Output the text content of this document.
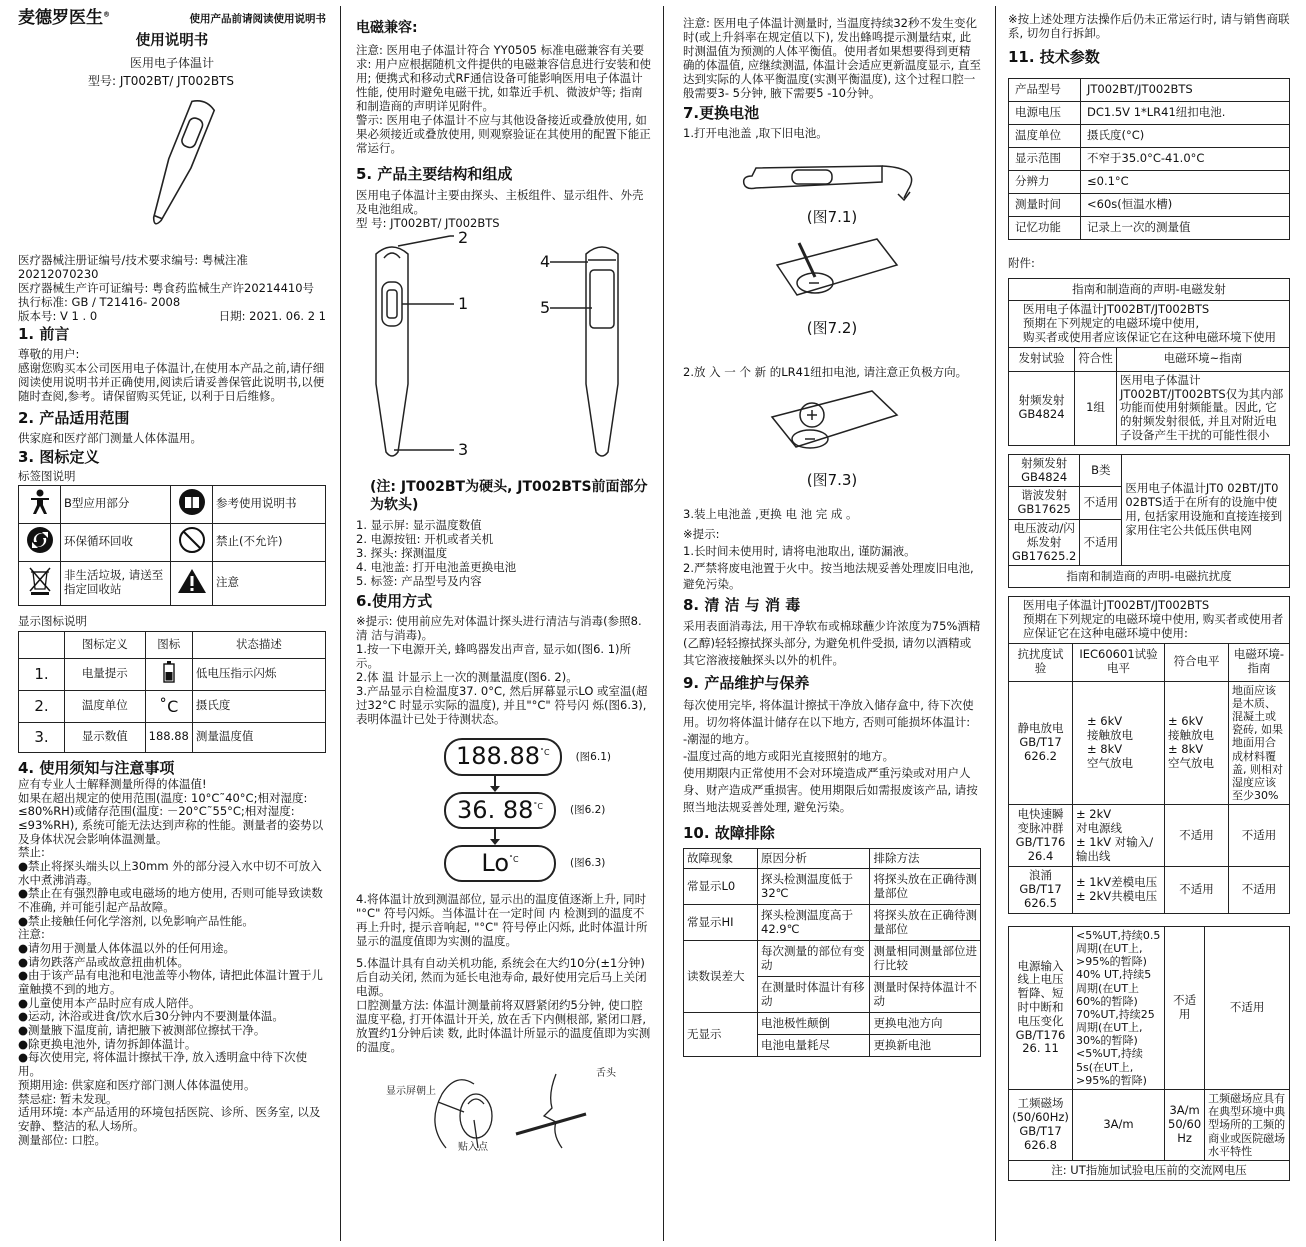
麦德罗医生®	使用产品前请阅读使用说明书
使用说明书
医用电子体温计
型号: JT002BT/ JT002BTS
医疗器械注册证编号/技术要求编号: 粤械注准20212070230
医疗器械生产许可证编号: 粤食药监械生产许20214410号
执行标准: GB / T21416- 2008
版本号: V 1 . 0	日期: 2021. 06. 2 1
1. 前言
尊敬的用户:
感谢您购买本公司医用电子体温计,在使用本产品之前,请仔细阅读使用说明书并正确使用,阅读后请妥善保管此说明书,以便随时查阅,参考。请保留购买凭证, 以利于日后维修。
2. 产品适用范围
供家庭和医疗部门测量人体体温用。
3. 图标定义
标签图说明
	B型应用部分		参考使用说明书
	环保循环回收		禁止(不允许)
	非生活垃圾, 请送至指定回收站		注意
显示图标说明
	图标定义	图标	状态描述
1.	电量提示		低电压指示闪烁
2.	温度单位	˚C	摄氏度
3.	显示数值	188.88	测量温度值
4. 使用须知与注意事项
应有专业人士解释测量所得的体温值!
如果在超出规定的使用范围(温度: 10°C˜40°C;相对湿度: ≤80%RH)或储存范围(温度: －20°C˜55°C;相对湿度: ≤93%RH), 系统可能无法达到声称的性能。测量者的姿势以及身体状况会影响体温测量。
禁止:
●禁止将探头端头以上30mm 外的部分浸入水中切不可放入水中煮沸消毒。
●禁止在有强烈静电或电磁场的地方使用, 否则可能导致读数不准确, 并可能引起产品故障。
●禁止接触任何化学溶剂, 以免影响产品性能。
注意:
●请勿用于测量人体体温以外的任何用途。
●请勿跌落产品或故意扭曲机体。
●由于该产品有电池和电池盖等小物体, 请把此体温计置于儿童触摸不到的地方。
●儿童使用本产品时应有成人陪伴。
●运动, 沐浴或进食/饮水后30分钟内不要测量体温。
●测量腋下温度前, 请把腋下被测部位擦拭干净。
●除更换电池外, 请勿拆卸体温计。
●每次使用完, 将体温计擦拭干净, 放入透明盒中待下次使用。
预期用途: 供家庭和医疗部门测人体体温使用。
禁忌症: 暂未发现。
适用环境: 本产品适用的环境包括医院、诊所、医务室, 以及安静、整洁的私人场所。
测量部位: 口腔。
电磁兼容:
注意: 医用电子体温计符合 YY0505 标准电磁兼容有关要求: 用户应根据随机文件提供的电磁兼容信息进行安装和使用; 便携式和移动式RF通信设备可能影响医用电子体温计性能, 使用时避免电磁干扰, 如靠近手机、微波炉等; 指南和制造商的声明详见附件。
警示: 医用电子体温计不应与其他设备接近或叠放使用, 如果必须接近或叠放使用, 则观察验证在其使用的配置下能正常运行。
5. 产品主要结构和组成
医用电子体温计主要由探头、主板组件、显示组件、外壳及电池组成。
型 号: JT002BT/ JT002BTS
2
1
3
4
5
(注: JT002BT为硬头, JT002BTS前面部分为软头)
1. 显示屏: 显示温度数值
2. 电源按钮: 开机或者关机
3. 探头: 探测温度
4. 电池盖: 打开电池盖更换电池
5. 标签: 产品型号及内容
6.使用方式
※提示: 使用前应先对体温计探头进行清洁与消毒(参照8.清 洁与消毒)。
1.按一下电源开关, 蜂鸣器发出声音, 显示如(图6. 1)所示。
2.体 温 计显示上一次的测量温度(图6. 2)。
3.产品显示自检温度37. 0°C, 然后屏幕显示LO 或室温(超过32°C 时显示实际的温度), 并且"°C" 符号闪 烁(图6.3), 表明体温计已处于待测状态。
$188.88^{˚C}$	(图6.1)
36. $88^{˚C}$	(图6.2)
$Lo^{˚C}$	(图6.3)
4.将体温计放到测温部位, 显示出的温度值逐渐上升, 同时 "°C" 符号闪烁。当体温计在一定时间 内 检测到的温度不再上升时, 提示音响起, "°C" 符号停止闪烁, 此时体温计所显示的温度值即为实测的温度。
5.体温计具有自动关机功能, 系统会在大约10分(±1分钟)后自动关闭, 然而为延长电池寿命, 最好使用完后马上关闭电源。
口腔测量方法: 体温计测量前将双唇紧闭约5分钟, 使口腔温度平稳, 打开体温计开关, 放在舌下内侧根部, 紧闭口唇, 放置约1分钟后读 数, 此时体温计所显示的温度值即为实测的温度。
显示屏朝上
舌头
贴入点
注意: 医用电子体温计测量时, 当温度持续32秒不发生变化时(或上升斜率在规定值以下), 发出蜂鸣提示测量结束, 此时测温值为预测的人体平衡值。使用者如果想要得到更精确的体温值, 应继续测温, 体温计会适应更新温度显示, 直至达到实际的人体平衡温度(实测平衡温度), 这个过程口腔一般需要3- 5分钟, 腋下需要5 -10分钟。
7.更换电池
1.打开电池盖 ,取下旧电池。
(图7.1)
(图7.2)
2.放 入 一 个 新 的LR41纽扣电池, 请注意正负极方向。
(图7.3)
3.装上电池盖 ,更换 电 池 完 成 。
※提示:
1.长时间未使用时, 请将电池取出, 谨防漏液。
2.严禁将废电池置于火中。按当地法规妥善处理废旧电池, 避免污染。
8. 清 洁 与 消 毒
采用表面消毒法, 用干净软布或棉球蘸少许浓度为75%酒精(乙醇)轻轻擦拭探头部分, 为避免机件受损, 请勿以酒精或其它溶液接触探头以外的机件。
9. 产品维护与保养
每次使用完毕, 将体温计擦拭干净放入储存盒中, 待下次使用。切勿将体温计储存在以下地方, 否则可能损坏体温计:
-潮湿的地方。
-温度过高的地方或阳光直接照射的地方。
使用期限内正常使用不会对环境造成严重污染或对用户人身、财产造成严重损害。使用期限后如需报废该产品, 请按照当地法规妥善处理, 避免污染。
10. 故障排除
故障现象	原因分析	排除方法
常显示L0	探头检测温度低于32℃	将探头放在正确待测量部位
常显示HI	探头检测温度高于42.9℃	将探头放在正确待测量部位
读数误差大	每次测量的部位有变动	测量相同测量部位进行比较
	在测量时体温计有移动	测量时保持体温计不动
无显示	电池极性颠倒	更换电池方向
	电池电量耗尽	更换新电池
※按上述处理方法操作后仍未正常运行时, 请与销售商联系, 切勿自行拆卸。
11. 技术参数
产品型号	JT002BT/JT002BTS
电源电压	DC1.5V 1*LR41纽扣电池.
温度单位	摄氏度(°C)
显示范围	不窄于35.0°C-41.0°C
分辨力	≤0.1°C
测量时间	<60s(恒温水槽)
记忆功能	记录上一次的测量值
附件:
指南和制造商的声明-电磁发射		
医用电子体温计JT002BT/JT002BTS
预期在下列规定的电磁环境中使用,
购买者或使用者应该保证它在这种电磁环境下使用		
发射试验	符合性	电磁环境~指南
射频发射
GB4824	1组	医用电子体温计JT002BT/JT002BTS仅为其内部功能而使用射频能量。因此, 它的射频发射很低, 并且对附近电子设备产生干扰的可能性很小
射频发射
GB4824	B类	医用电子体温计JT0 02BT/JT0 02BTS适于在所有的设施中使用, 包括家用设施和直接连接到家用住宅公共低压供电网
谐波发射
GB17625	不适用	
电压波动/闪烁发射
GB17625.2	不适用	
指南和制造商的声明-电磁抗扰度		
医用电子体温计JT002BT/JT002BTS
预期在下列规定的电磁环境中使用, 购买者或使用者应保证它在这种电磁环境中使用:			
抗扰度试验	IEC60601试验电平	符合电平	电磁环境-指南
静电放电
GB/T17
626.2	± 6kV
接触放电
± 8kV
空气放电	± 6kV
接触放电
± 8kV
空气放电	地面应该是木质、混凝土或瓷砖, 如果地面用合成材料覆盖, 则相对湿度应该至少30%
电快速瞬变脉冲群
GB/T176
26.4	± 2kV
对电源线
± 1kV 对输入/输出线	不适用	不适用
浪涌
GB/T17
626.5	± 1kV差模电压
± 2kV共模电压	不适用	不适用
电源输入线上电压暂降、短时中断和电压变化
GB/T176
26. 11	<5%UT,持续0.5周期(在UT上, >95%的暂降) 40% UT,持续5周期(在UT上60%的暂降) 70%UT,持续25周期(在UT上, 30%的暂降) <5%UT,持续5s(在UT上, >95%的暂降)	不适用	不适用
工频磁场
(50/60Hz)
GB/T17
626.8	3A/m	3A/m
50/60
Hz	工频磁场应具有在典型环境中典型场所的工频的商业或医院磁场水平特性
注: UT指施加试验电压前的交流网电压			
